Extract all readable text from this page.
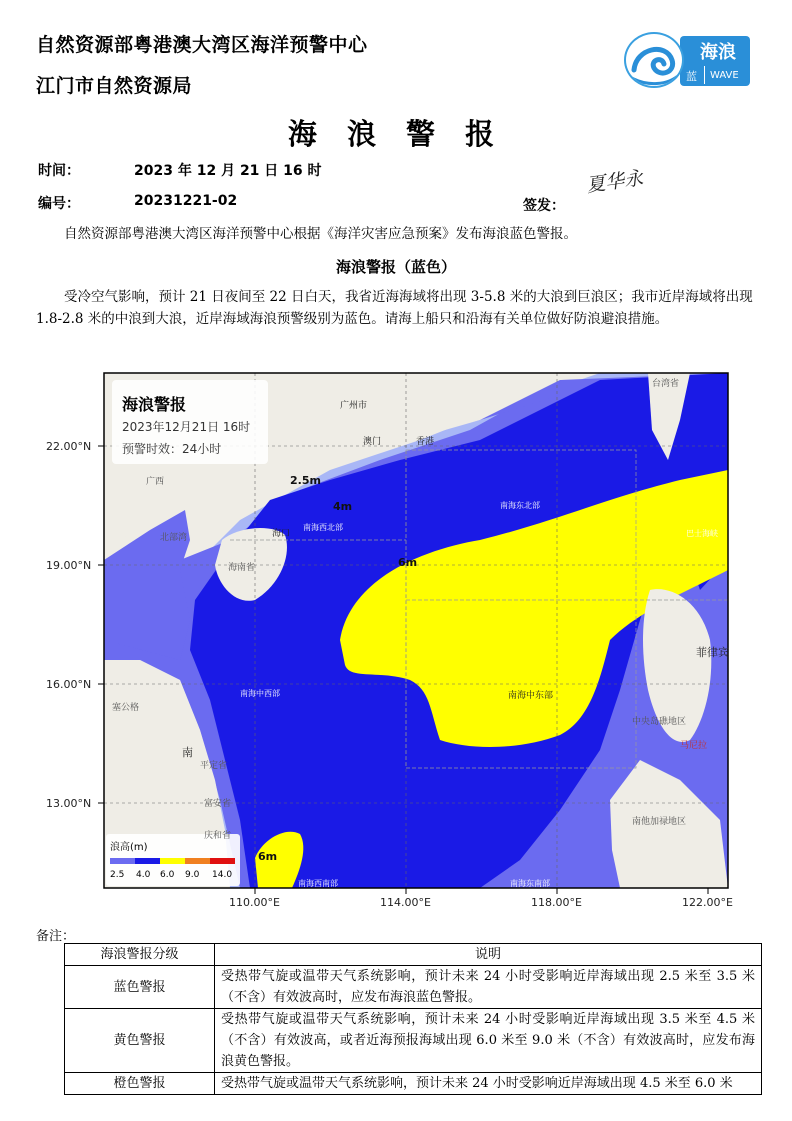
自然资源部粤港澳大湾区海洋预警中心
江门市自然资源局
海浪
蓝	WAVE
海 浪 警 报
时间：	2023 年 12 月 21 日 16 时
编号：	20231221-02	签发：
夏华永
自然资源部粤港澳大湾区海洋预警中心根据《海洋灾害应急预案》发布海浪蓝色警报。
海浪警报（蓝色）
受冷空气影响，预计 21 日夜间至 22 日白天，我省近海海域将出现 3-5.8 米的大浪到巨浪区；我市近岸海域将出现 1.8-2.8 米的中浪到大浪，近岸海域海浪预警级别为蓝色。请海上船只和沿海有关单位做好防浪避浪措施。
海浪警报
2023年12月21日 16时
预警时效：24小时
浪高(m)
2.5 4.0 6.0 9.0 14.0
22.00°N
19.00°N
16.00°N
13.00°N
110.00°E	114.00°E	118.00°E	122.00°E
2.5m
4m
6m
6m
广州市
澳门	香港
台湾省
广西
海口
海南省
北部湾
南海东北部
南海西北部
巴士海峡
南海中西部	南海中东部
菲律宾
中央岛礁地区
马尼拉
南他加禄地区
塞公格
南
平定省
富安省
庆和省
南海西南部	南海东南部
备注：
海浪警报分级	说明
蓝色警报	受热带气旋或温带天气系统影响，预计未来 24 小时受影响近岸海域出现 2.5 米至 3.5 米（不含）有效波高时，应发布海浪蓝色警报。
黄色警报	受热带气旋或温带天气系统影响，预计未来 24 小时受影响近岸海域出现 3.5 米至 4.5 米（不含）有效波高，或者近海预报海域出现 6.0 米至 9.0 米（不含）有效波高时，应发布海浪黄色警报。
橙色警报	受热带气旋或温带天气系统影响，预计未来 24 小时受影响近岸海域出现 4.5 米至 6.0 米
